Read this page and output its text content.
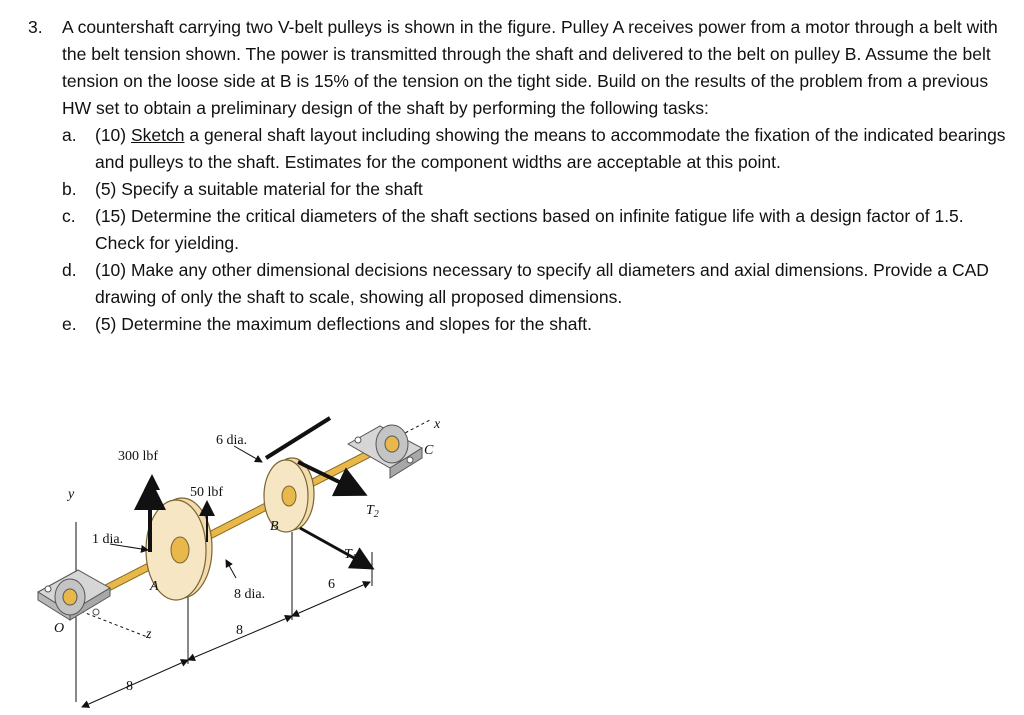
3. A countershaft carrying two V-belt pulleys is shown in the figure. Pulley A receives power from a motor through a belt with the belt tension shown. The power is transmitted through the shaft and delivered to the belt on pulley B. Assume the belt tension on the loose side at B is 15% of the tension on the tight side. Build on the results of the problem from a previous HW set to obtain a preliminary design of the shaft by performing the following tasks:
a. (10) Sketch a general shaft layout including showing the means to accommodate the fixation of the indicated bearings and pulleys to the shaft. Estimates for the component widths are acceptable at this point.
b. (5) Specify a suitable material for the shaft
c. (15) Determine the critical diameters of the shaft sections based on infinite fatigue life with a design factor of 1.5. Check for yielding.
d. (10) Make any other dimensional decisions necessary to specify all diameters and axial dimensions. Provide a CAD drawing of only the shaft to scale, showing all proposed dimensions.
e. (5) Determine the maximum deflections and slopes for the shaft.
300 lbf
50 lbf
6 dia.
1 dia.
8 dia.
A
B
C
O
x
y
z
$T_2$
$T_1$
8
8
6
